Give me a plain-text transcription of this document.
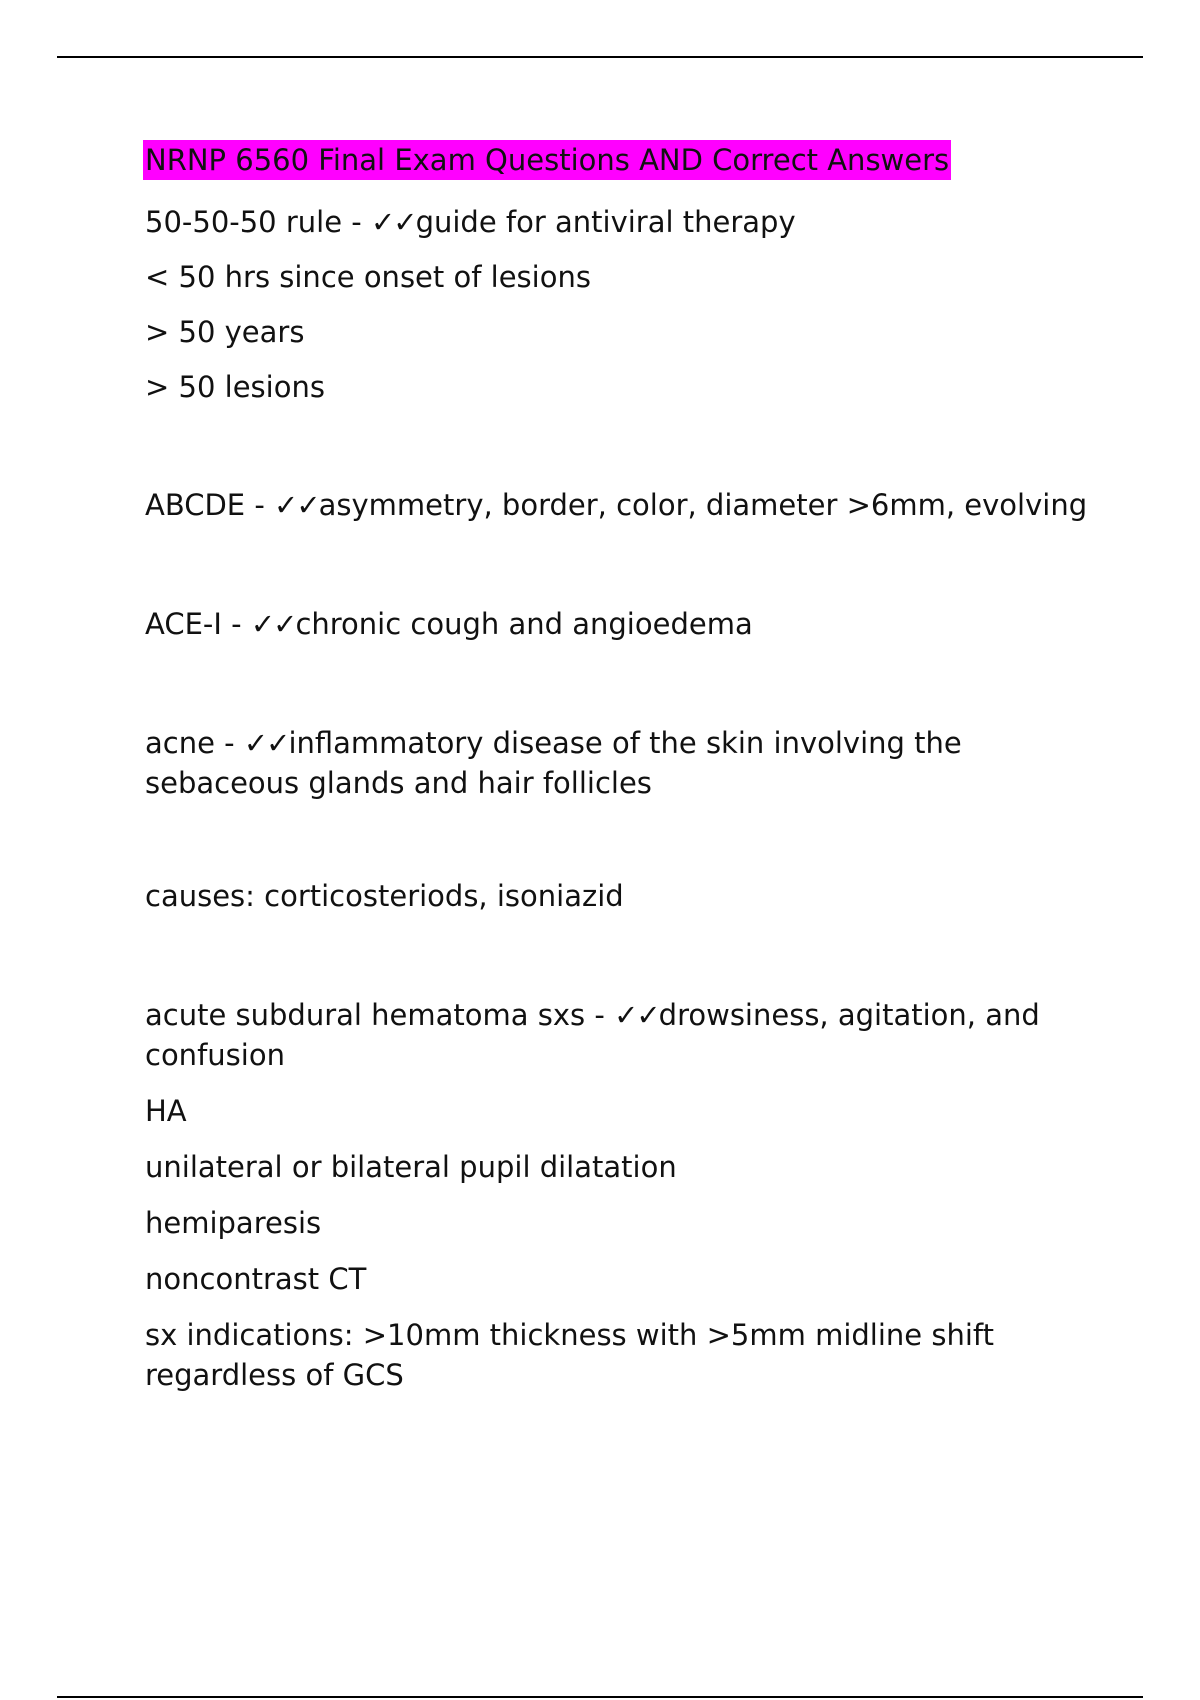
NRNP 6560 Final Exam Questions AND Correct Answers
50-50-50 rule - ✓✓guide for antiviral therapy
< 50 hrs since onset of lesions
> 50 years
> 50 lesions
ABCDE - ✓✓asymmetry, border, color, diameter >6mm, evolving
ACE-I - ✓✓chronic cough and angioedema
acne - ✓✓inflammatory disease of the skin involving the sebaceous glands and hair follicles
causes: corticosteriods, isoniazid
acute subdural hematoma sxs - ✓✓drowsiness, agitation, and confusion
HA
unilateral or bilateral pupil dilatation
hemiparesis
noncontrast CT
sx indications: >10mm thickness with >5mm midline shift regardless of GCS
